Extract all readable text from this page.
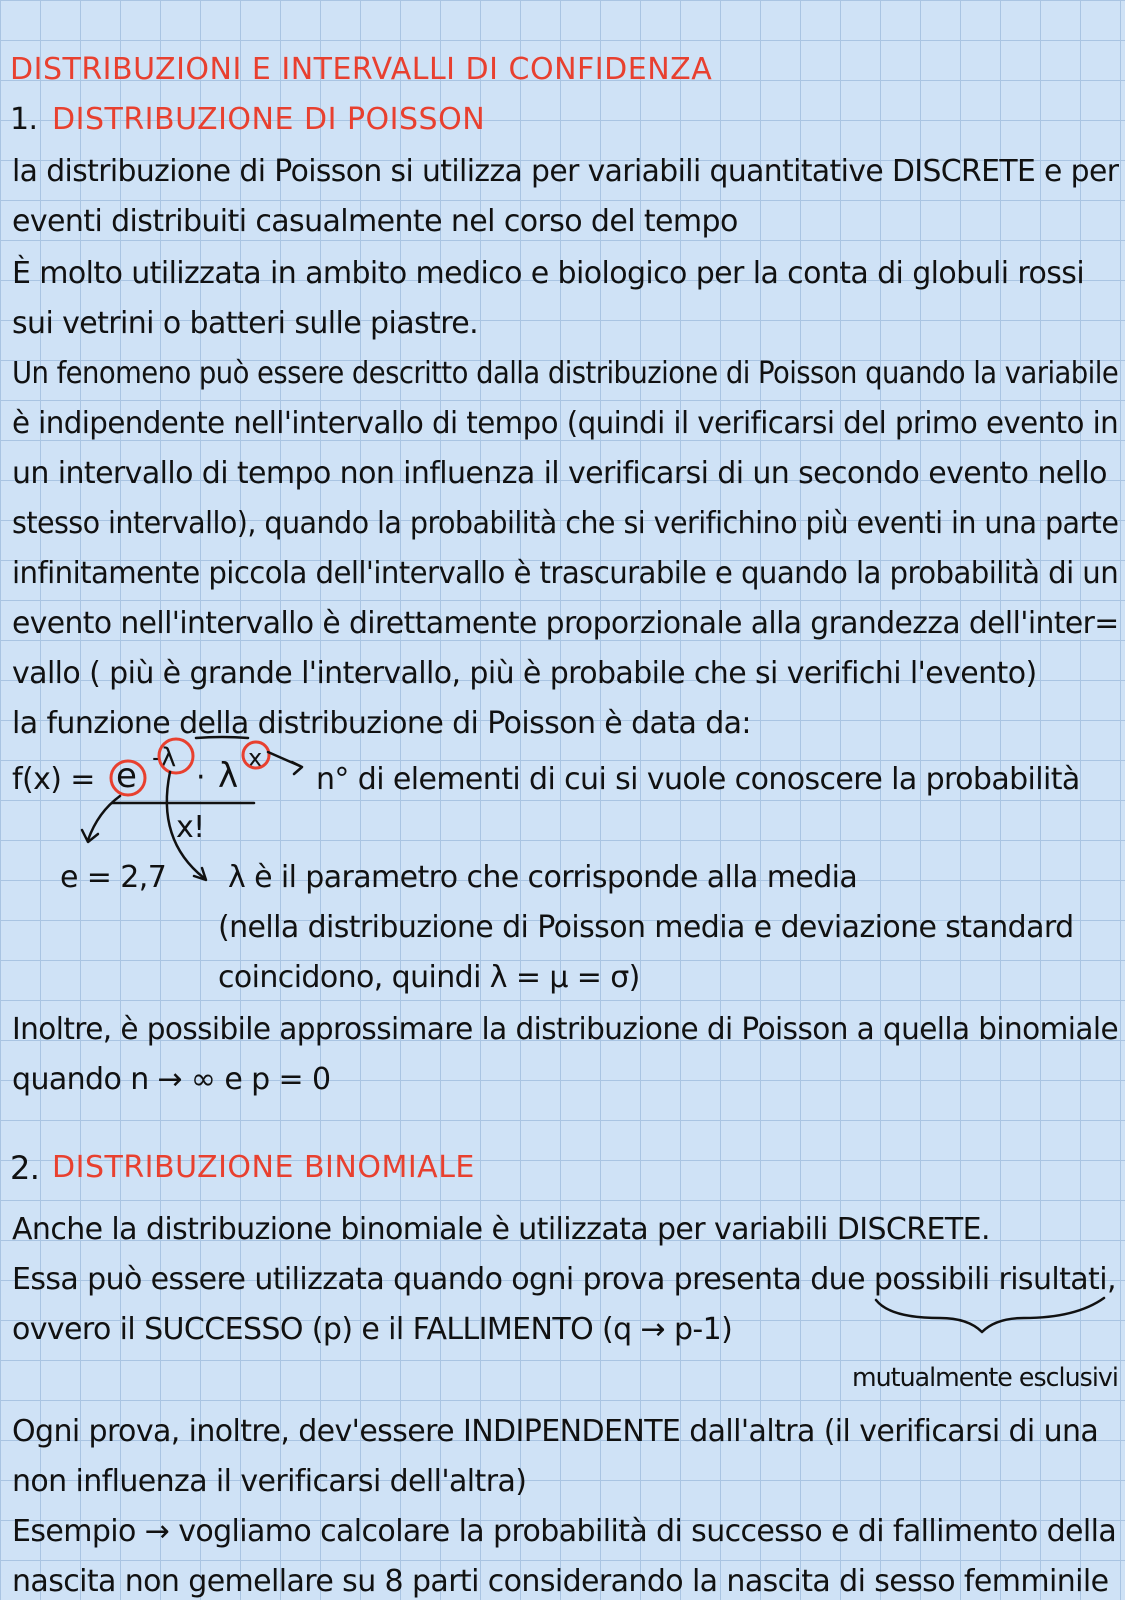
DISTRIBUZIONI E INTERVALLI DI CONFIDENZA
1. DISTRIBUZIONE DI POISSON
la distribuzione di Poisson si utilizza per variabili quantitative DISCRETE e per
eventi distribuiti casualmente nel corso del tempo
È molto utilizzata in ambito medico e biologico per la conta di globuli rossi
sui vetrini o batteri sulle piastre.
Un fenomeno può essere descritto dalla distribuzione di Poisson quando la variabile
è indipendente nell'intervallo di tempo (quindi il verificarsi del primo evento in
un intervallo di tempo non influenza il verificarsi di un secondo evento nello
stesso intervallo), quando la probabilità che si verifichino più eventi in una parte
infinitamente piccola dell'intervallo è trascurabile e quando la probabilità di un
evento nell'intervallo è direttamente proporzionale alla grandezza dell'inter=
vallo ( più è grande l'intervallo, più è probabile che si verifichi l'evento)
la funzione della distribuzione di Poisson è data da:
f(x) = e -λ
· λ x
x!
n° di elementi di cui si vuole conoscere la probabilità
e = 2,7 λ è il parametro che corrisponde alla media
(nella distribuzione di Poisson media e deviazione standard
coincidono, quindi λ = μ = σ)
Inoltre, è possibile approssimare la distribuzione di Poisson a quella binomiale
quando n → ∞ e p = 0
2. DISTRIBUZIONE BINOMIALE
Anche la distribuzione binomiale è utilizzata per variabili DISCRETE.
Essa può essere utilizzata quando ogni prova presenta due possibili risultati,
ovvero il SUCCESSO (p) e il FALLIMENTO (q → p-1)
mutualmente esclusivi
Ogni prova, inoltre, dev'essere INDIPENDENTE dall'altra (il verificarsi di una
non influenza il verificarsi dell'altra)
Esempio → vogliamo calcolare la probabilità di successo e di fallimento della
nascita non gemellare su 8 parti considerando la nascita di sesso femminile
